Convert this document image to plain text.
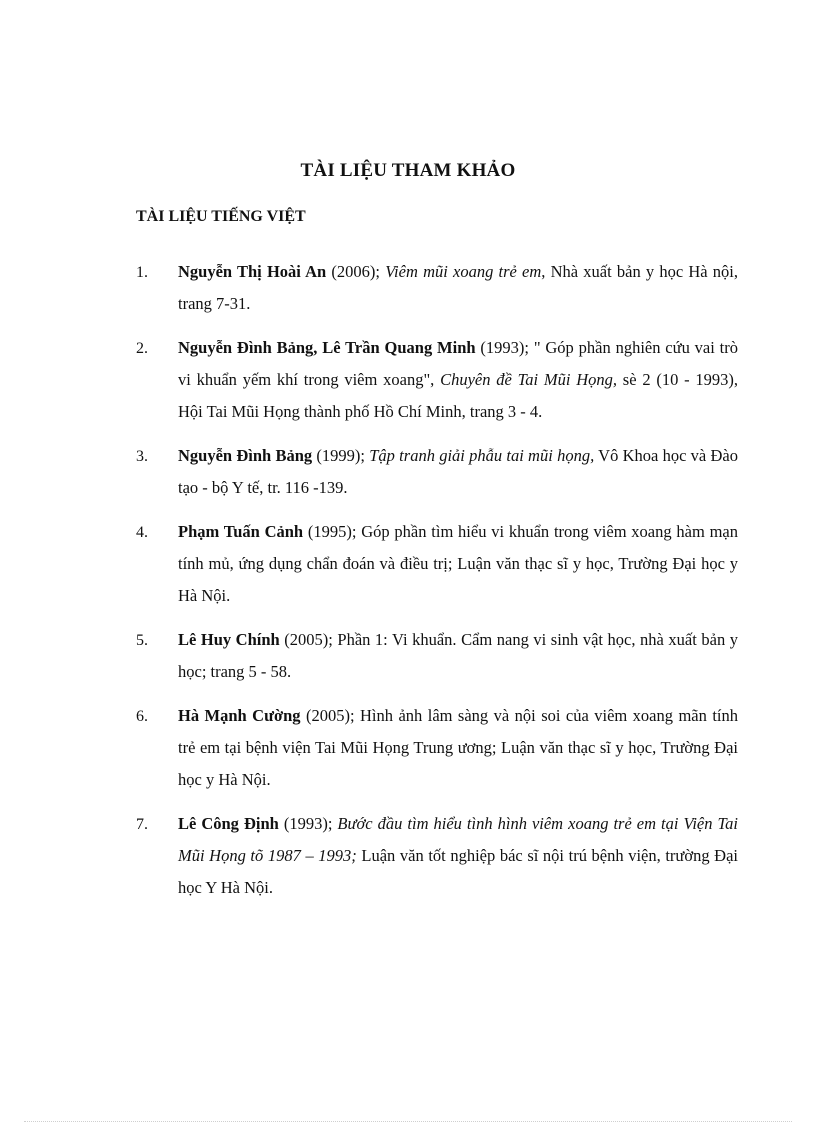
TÀI LIỆU THAM KHẢO
TÀI LIỆU TIẾNG VIỆT
1. Nguyễn Thị Hoài An (2006); Viêm mũi xoang trẻ em, Nhà xuất bản y học Hà nội, trang 7-31.
2. Nguyễn Đình Bảng, Lê Trần Quang Minh (1993); " Góp phần nghiên cứu vai trò vi khuẩn yếm khí trong viêm xoang", Chuyên đề Tai Mũi Họng, sè 2 (10 - 1993), Hội Tai Mũi Họng thành phố Hồ Chí Minh, trang 3 - 4.
3. Nguyễn Đình Bảng (1999); Tập tranh giải phẫu tai mũi họng, Vô Khoa học và Đào tạo - bộ Y tế, tr. 116 -139.
4. Phạm Tuấn Cảnh (1995); Góp phần tìm hiểu vi khuẩn trong viêm xoang hàm mạn tính mủ, ứng dụng chẩn đoán và điều trị; Luận văn thạc sĩ y học, Trường Đại học y Hà Nội.
5. Lê Huy Chính (2005); Phần 1: Vi khuẩn. Cẩm nang vi sinh vật học, nhà xuất bản y học; trang 5 - 58.
6. Hà Mạnh Cường (2005); Hình ảnh lâm sàng và nội soi của viêm xoang mãn tính trẻ em tại bệnh viện Tai Mũi Họng Trung ương; Luận văn thạc sĩ y học, Trường Đại học y Hà Nội.
7. Lê Công Định (1993); Bước đầu tìm hiểu tình hình viêm xoang trẻ em tại Viện Tai Mũi Họng tõ 1987 – 1993; Luận văn tốt nghiệp bác sĩ nội trú bệnh viện, trường Đại học Y Hà Nội.
